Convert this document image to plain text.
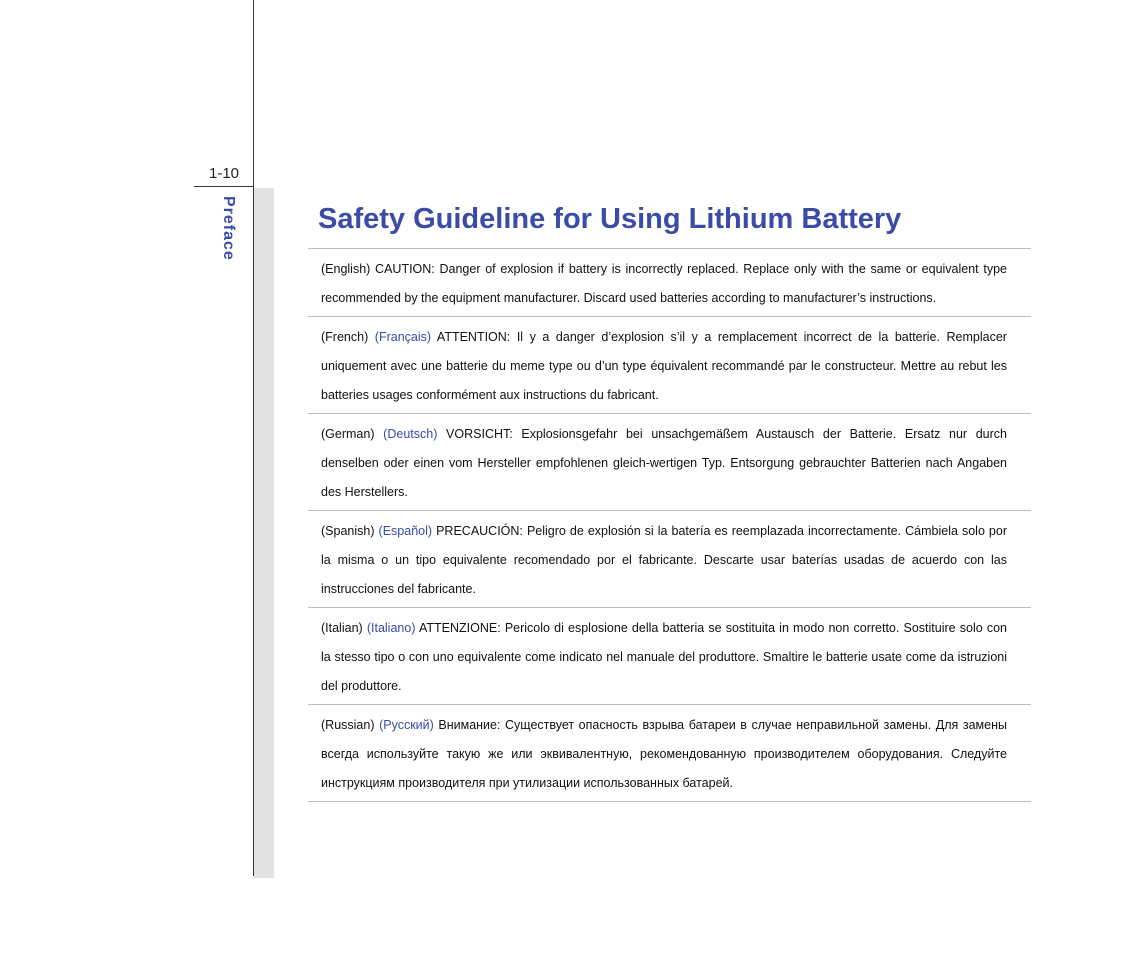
1-10
Preface	Safety Guideline for Using Lithium Battery
(English) CAUTION: Danger of explosion if battery is incorrectly replaced. Replace only with the same or equivalent type recommended by the equipment manufacturer. Discard used batteries according to manufacturer’s instructions.
(French) (Français) ATTENTION: Il y a danger d’explosion s’il y a remplacement incorrect de la batterie. Remplacer uniquement avec une batterie du meme type ou d’un type équivalent recommandé par le constructeur. Mettre au rebut les batteries usages conformément aux instructions du fabricant.
(German) (Deutsch) VORSICHT: Explosionsgefahr bei unsachgemäßem Austausch der Batterie. Ersatz nur durch denselben oder einen vom Hersteller empfohlenen gleich-wertigen Typ. Entsorgung gebrauchter Batterien nach Angaben des Herstellers.
(Spanish) (Español) PRECAUCIÓN: Peligro de explosión si la batería es reemplazada incorrectamente. Cámbiela solo por la misma o un tipo equivalente recomendado por el fabricante. Descarte usar baterías usadas de acuerdo con las instrucciones del fabricante.
(Italian) (Italiano) ATTENZIONE: Pericolo di esplosione della batteria se sostituita in modo non corretto. Sostituire solo con la stesso tipo o con uno equivalente come indicato nel manuale del produttore. Smaltire le batterie usate come da istruzioni del produttore.
(Russian) (Русский) Внимание: Существует опасность взрыва батареи в случае неправильной замены. Для замены всегда используйте такую же или эквивалентную, рекомендованную производителем оборудования. Следуйте инструкциям производителя при утилизации использованных батарей.
